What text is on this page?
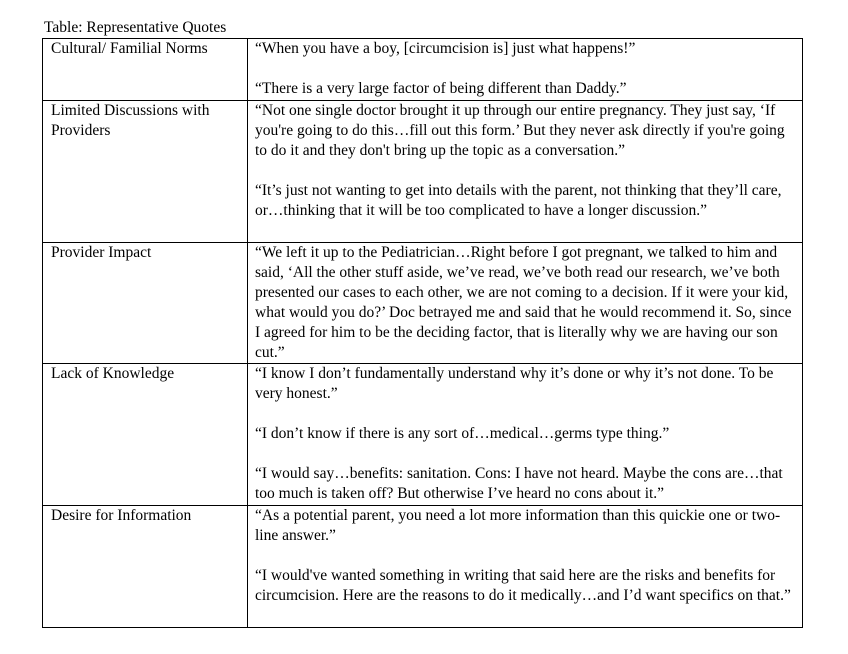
Table: Representative Quotes
Cultural/ Familial Norms	“When you have a boy, [circumcision is] just what happens!”

“There is a very large factor of being different than Daddy.”

Limited Discussions with Providers	“Not one single doctor brought it up through our entire pregnancy. They just say, ‘If you're going to do this…fill out this form.’ But they never ask directly if you're going to do it and they don't bring up the topic as a conversation.”

“It’s just not wanting to get into details with the parent, not thinking that they’ll care, or…thinking that it will be too complicated to have a longer discussion.”

Provider Impact	“We left it up to the Pediatrician…Right before I got pregnant, we talked to him and said, ‘All the other stuff aside, we’ve read, we’ve both read our research, we’ve both presented our cases to each other, we are not coming to a decision. If it were your kid, what would you do?’ Doc betrayed me and said that he would recommend it. So, since I agreed for him to be the deciding factor, that is literally why we are having our son cut.”

Lack of Knowledge	“I know I don’t fundamentally understand why it’s done or why it’s not done. To be very honest.”

“I don’t know if there is any sort of…medical…germs type thing.”

“I would say…benefits: sanitation. Cons: I have not heard. Maybe the cons are…that too much is taken off? But otherwise I’ve heard no cons about it.”

Desire for Information	“As a potential parent, you need a lot more information than this quickie one or two-line answer.”

“I would've wanted something in writing that said here are the risks and benefits for circumcision. Here are the reasons to do it medically…and I’d want specifics on that.”
